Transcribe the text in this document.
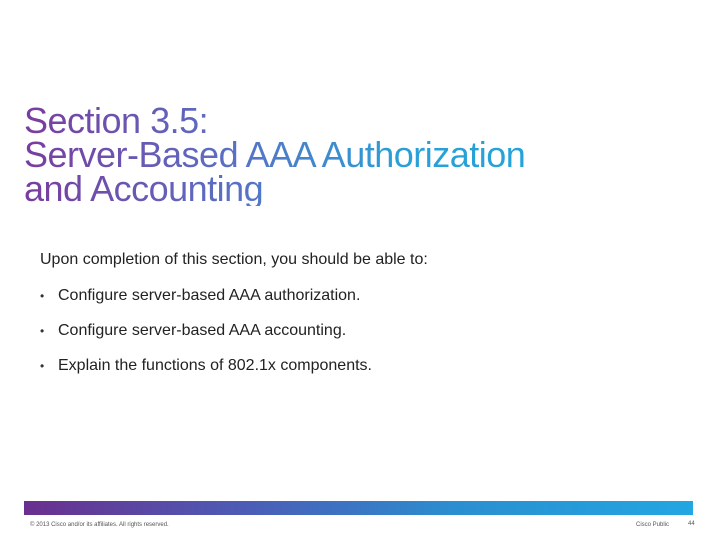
Section 3.5:
Server-Based AAA Authorization
and Accounting

Upon completion of this section, you should be able to:

• Configure server-based AAA authorization.
• Configure server-based AAA accounting.
• Explain the functions of 802.1x components.
© 2013 Cisco and/or its affiliates. All rights reserved.	Cisco Public	44
